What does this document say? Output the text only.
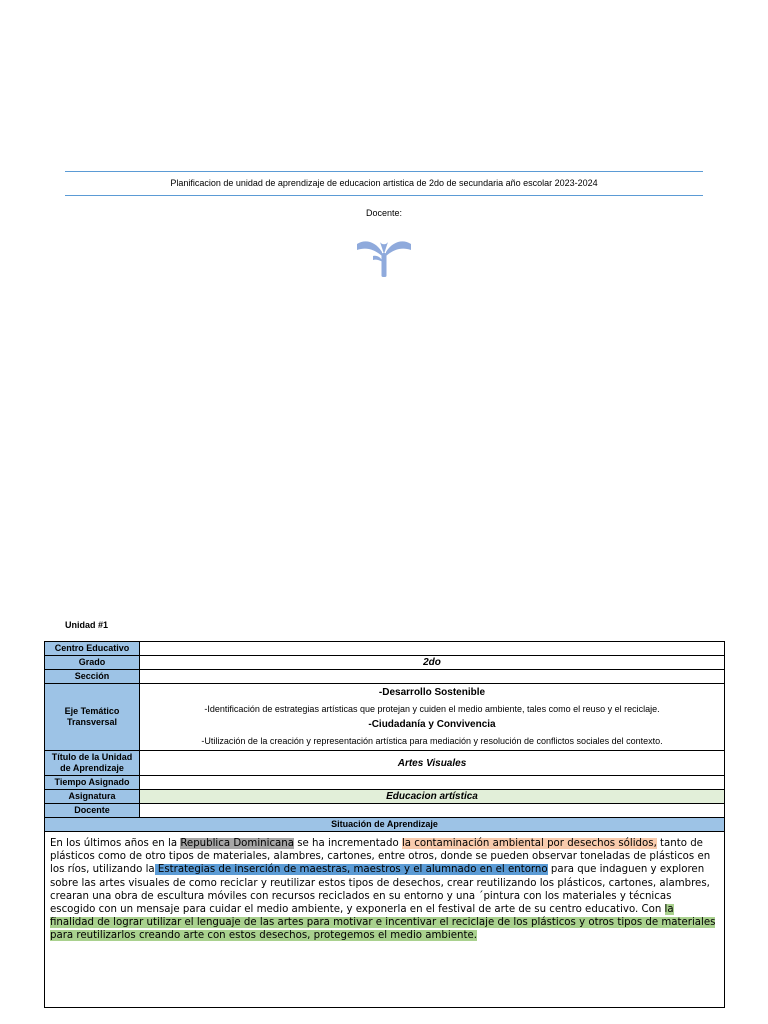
Planificacion de unidad de aprendizaje de educacion artistica de 2do de secundaria año escolar 2023-2024
Docente:
Unidad #1
Centro Educativo	
Grado	2do
Sección	
Eje Temático Transversal	-Desarrollo Sostenible
-Identificación de estrategias artísticas que protejan y cuiden el medio ambiente, tales como el reuso y el reciclaje.
-Ciudadanía y Convivencia
-Utilización de la creación y representación artística para mediación y resolución de conflictos sociales del contexto.

Título de la Unidad de Aprendizaje	Artes Visuales
Tiempo Asignado	
Asignatura	Educacion artística
Docente	
Situación de Aprendizaje	

En los últimos años en la Republica Dominicana se ha incrementado la contaminación ambiental por desechos sólidos, tanto de plásticos como de otro tipos de materiales, alambres, cartones, entre otros, donde se pueden observar toneladas de plásticos en los ríos, utilizando la Estrategias de inserción de maestras, maestros y el alumnado en el entorno para que indaguen y exploren sobre las artes visuales de como reciclar y reutilizar estos tipos de desechos, crear reutilizando los plásticos, cartones, alambres, crearan una obra de escultura móviles con recursos reciclados en su entorno y una ´pintura con los materiales y técnicas escogido con un mensaje para cuidar el medio ambiente, y exponerla en el festival de arte de su centro educativo. Con la finalidad de lograr utilizar el lenguaje de las artes para motivar e incentivar el reciclaje de los plásticos y otros tipos de materiales para reutilizarlos creando arte con estos desechos, protegemos el medio ambiente.
